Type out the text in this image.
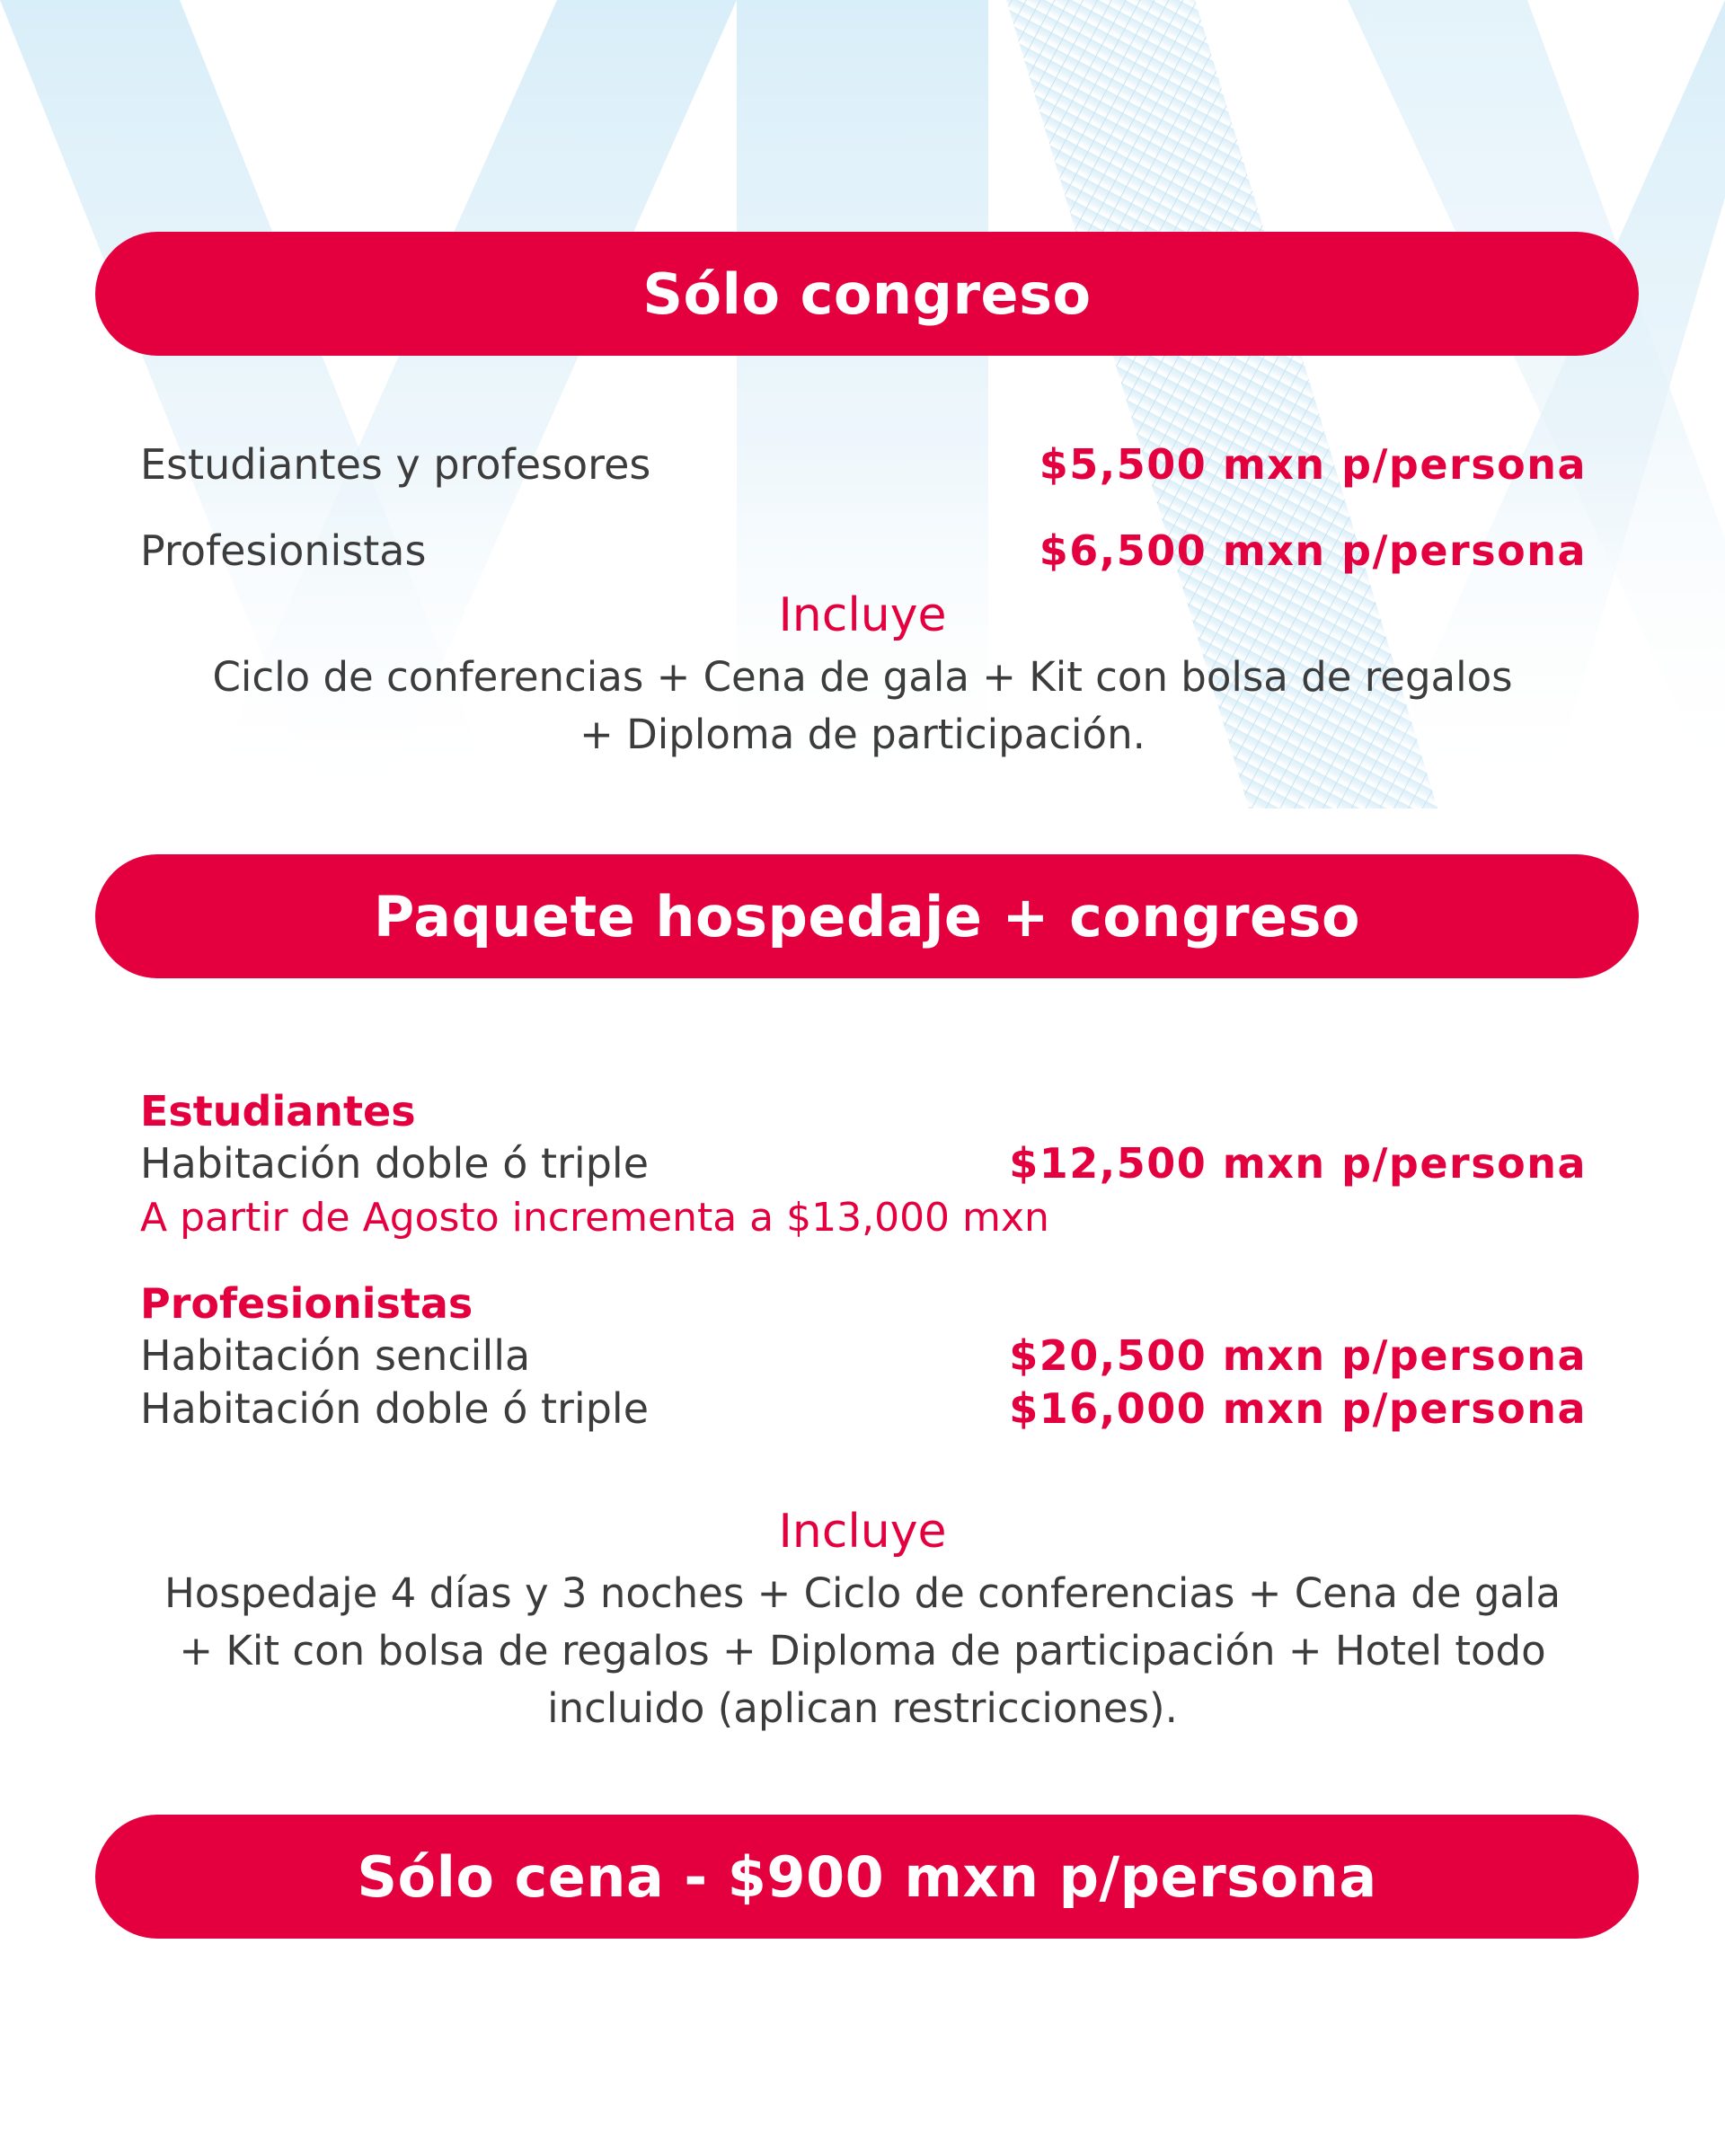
Sólo congreso
Estudiantes y profesores	$5,500 mxn p/persona
Profesionistas	$6,500 mxn p/persona
Incluye
Ciclo de conferencias + Cena de gala + Kit con bolsa de regalos
+ Diploma de participación.
Paquete hospedaje + congreso
Estudiantes
Habitación doble ó triple	$12,500 mxn p/persona
A partir de Agosto incrementa a $13,000 mxn
Profesionistas
Habitación sencilla	$20,500 mxn p/persona
Habitación doble ó triple	$16,000 mxn p/persona
Incluye
Hospedaje 4 días y 3 noches + Ciclo de conferencias + Cena de gala
+ Kit con bolsa de regalos + Diploma de participación + Hotel todo
incluido (aplican restricciones).
Sólo cena - $900 mxn p/persona
